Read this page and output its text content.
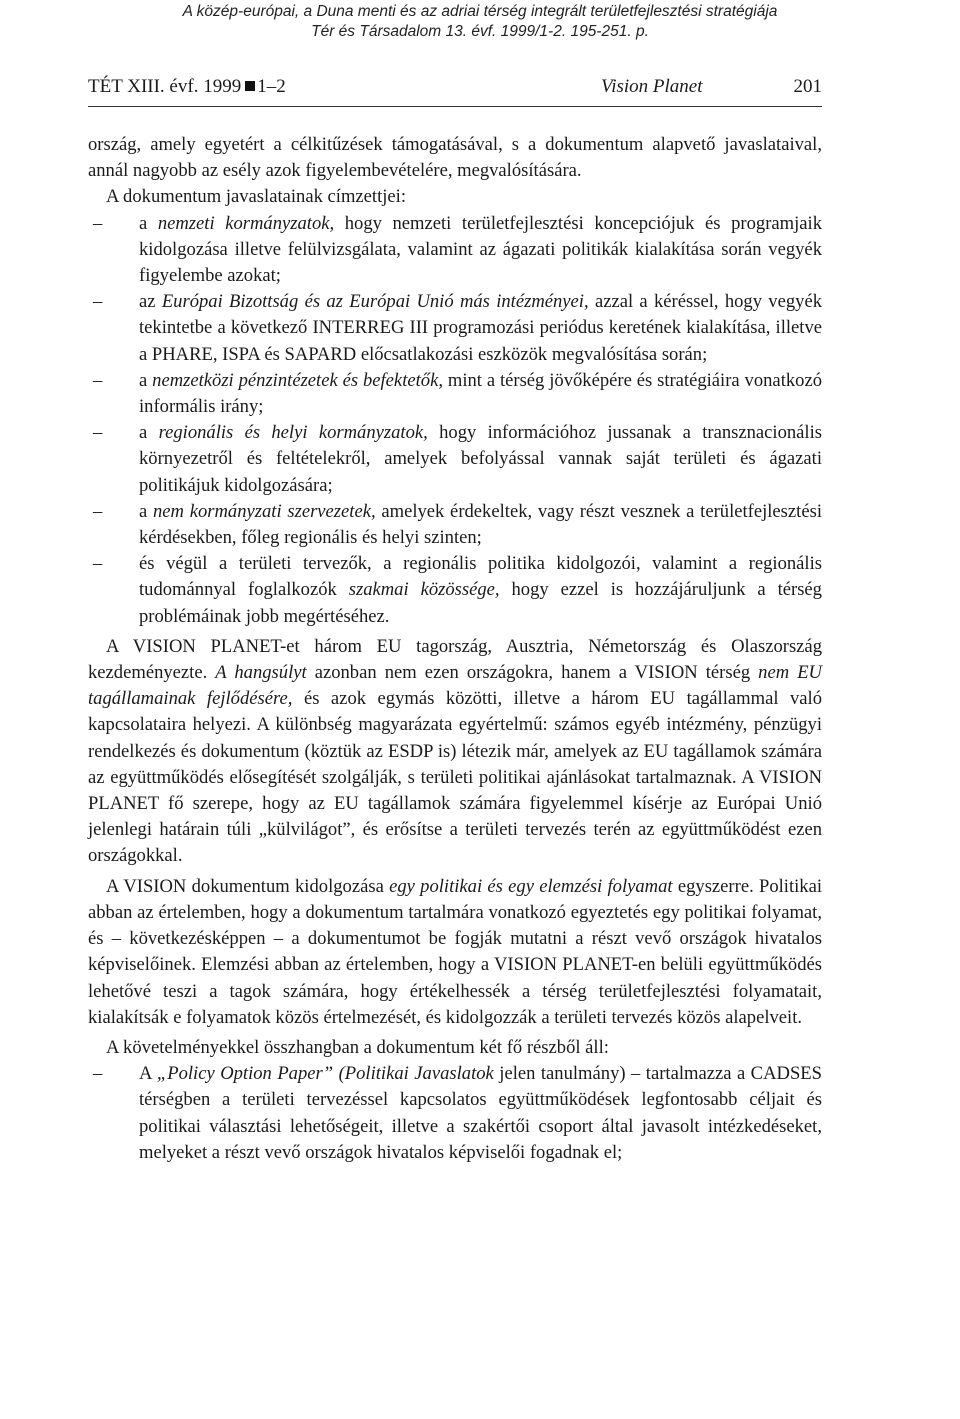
A közép-európai, a Duna menti és az adriai térség integrált területfejlesztési stratégiája
Tér és Társadalom 13. évf. 1999/1-2. 195-251. p.
TÉT XIII. évf. 1999 1–2	Vision Planet	201

ország, amely egyetért a célkitűzések támogatásával, s a dokumentum alapvető javaslataival, annál nagyobb az esély azok figyelembevételére, megvalósítására.

A dokumentum javaslatainak címzettjei:

– a nemzeti kormányzatok, hogy nemzeti területfejlesztési koncepciójuk és programjaik kidolgozása illetve felülvizsgálata, valamint az ágazati politikák kialakítása során vegyék figyelembe azokat;

– az Európai Bizottság és az Európai Unió más intézményei, azzal a kéréssel, hogy vegyék tekintetbe a következő INTERREG III programozási periódus keretének kialakítása, illetve a PHARE, ISPA és SAPARD előcsatlakozási eszközök megvalósítása során;

– a nemzetközi pénzintézetek és befektetők, mint a térség jövőképére és stratégiáira vonatkozó informális irány;

– a regionális és helyi kormányzatok, hogy információhoz jussanak a transznacionális környezetről és feltételekről, amelyek befolyással vannak saját területi és ágazati politikájuk kidolgozására;

– a nem kormányzati szervezetek, amelyek érdekeltek, vagy részt vesznek a területfejlesztési kérdésekben, főleg regionális és helyi szinten;

– és végül a területi tervezők, a regionális politika kidolgozói, valamint a regionális tudománnyal foglalkozók szakmai közössége, hogy ezzel is hozzájáruljunk a térség problémáinak jobb megértéséhez.

A VISION PLANET-et három EU tagország, Ausztria, Németország és Olaszország kezdeményezte. A hangsúlyt azonban nem ezen országokra, hanem a VISION térség nem EU tagállamainak fejlődésére, és azok egymás közötti, illetve a három EU tagállammal való kapcsolataira helyezi. A különbség magyarázata egyértelmű: számos egyéb intézmény, pénzügyi rendelkezés és dokumentum (köztük az ESDP is) létezik már, amelyek az EU tagállamok számára az együttműködés elősegítését szolgálják, s területi politikai ajánlásokat tartalmaznak. A VISION PLANET fő szerepe, hogy az EU tagállamok számára figyelemmel kísérje az Európai Unió jelenlegi határain túli „külvilágot”, és erősítse a területi tervezés terén az együttműködést ezen országokkal.

A VISION dokumentum kidolgozása egy politikai és egy elemzési folyamat egyszerre. Politikai abban az értelemben, hogy a dokumentum tartalmára vonatkozó egyeztetés egy politikai folyamat, és – következésképpen – a dokumentumot be fogják mutatni a részt vevő országok hivatalos képviselőinek. Elemzési abban az értelemben, hogy a VISION PLANET-en belüli együttműködés lehetővé teszi a tagok számára, hogy értékelhessék a térség területfejlesztési folyamatait, kialakítsák e folyamatok közös értelmezését, és kidolgozzák a területi tervezés közös alapelveit.

A követelményekkel összhangban a dokumentum két fő részből áll:

– A „Policy Option Paper” (Politikai Javaslatok jelen tanulmány) – tartalmazza a CADSES térségben a területi tervezéssel kapcsolatos együttműködések legfontosabb céljait és politikai választási lehetőségeit, illetve a szakértői csoport által javasolt intézkedéseket, melyeket a részt vevő országok hivatalos képviselői fogadnak el;
